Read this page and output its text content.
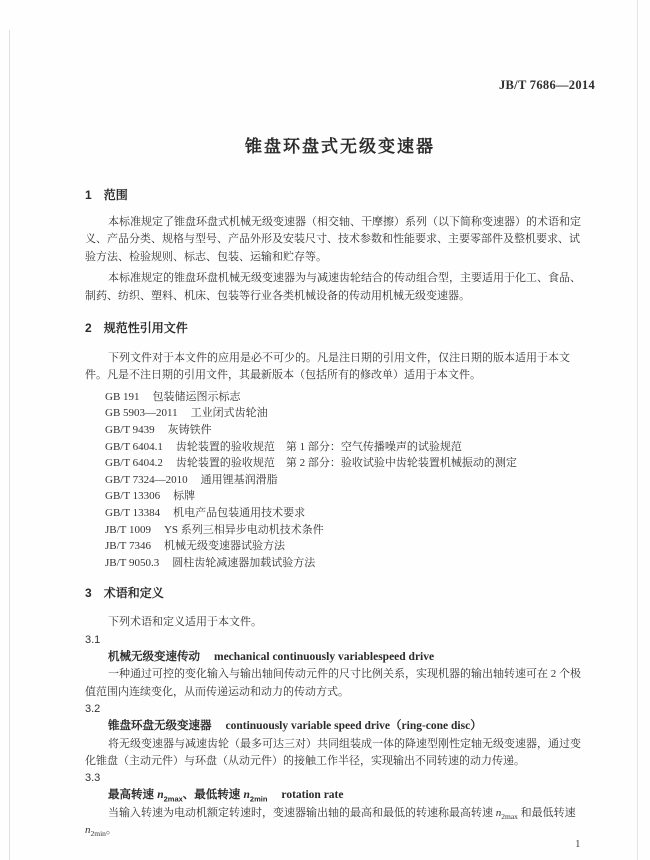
JB/T 7686—2014
锥盘环盘式无级变速器
1 范围
本标准规定了锥盘环盘式机械无级变速器（相交轴、干摩擦）系列（以下简称变速器）的术语和定
义、产品分类、规格与型号、产品外形及安装尺寸、技术参数和性能要求、主要零部件及整机要求、试
验方法、检验规则、标志、包装、运输和贮存等。
本标准规定的锥盘环盘机械无级变速器为与减速齿轮结合的传动组合型，主要适用于化工、食品、
制药、纺织、塑料、机床、包装等行业各类机械设备的传动用机械无级变速器。
2 规范性引用文件
下列文件对于本文件的应用是必不可少的。凡是注日期的引用文件，仅注日期的版本适用于本文
件。凡是不注日期的引用文件，其最新版本（包括所有的修改单）适用于本文件。
GB 191 包装储运图示标志
GB 5903—2011 工业闭式齿轮油
GB/T 9439 灰铸铁件
GB/T 6404.1 齿轮装置的验收规范　第 1 部分：空气传播噪声的试验规范
GB/T 6404.2 齿轮装置的验收规范　第 2 部分：验收试验中齿轮装置机械振动的测定
GB/T 7324—2010 通用锂基润滑脂
GB/T 13306 标牌
GB/T 13384 机电产品包装通用技术要求
JB/T 1009 YS 系列三相异步电动机技术条件
JB/T 7346 机械无级变速器试验方法
JB/T 9050.3 圆柱齿轮减速器加载试验方法
3 术语和定义
下列术语和定义适用于本文件。
3.1
机械无级变速传动 mechanical continuously variablespeed drive
一种通过可控的变化输入与输出轴间传动元件的尺寸比例关系，实现机器的输出轴转速可在 2 个极
值范围内连续变化，从而传递运动和动力的传动方式。
3.2
锥盘环盘无级变速器 continuously variable speed drive（ring-cone disc）
将无级变速器与减速齿轮（最多可达三对）共同组装成一体的降速型刚性定轴无级变速器，通过变
化锥盘（主动元件）与环盘（从动元件）的接触工作半径，实现输出不同转速的动力传递。
3.3
最高转速 $n_{2max}$、最低转速 $n_{2min}$ rotation rate
当输入转速为电动机额定转速时，变速器输出轴的最高和最低的转速称最高转速 $n_{2max}$ 和最低转速
$n_{2min}$。
1
